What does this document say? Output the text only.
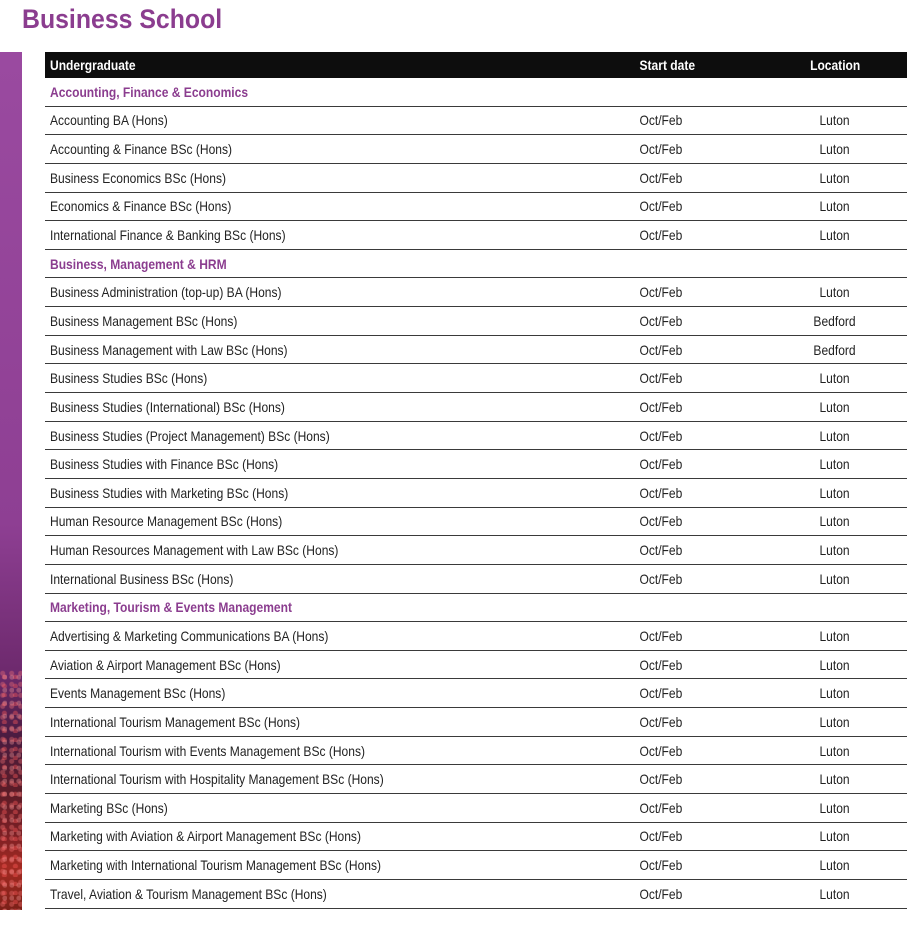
Business School
Undergraduate	Start date	Location
Accounting, Finance & Economics
Accounting BA (Hons)	Oct/Feb	Luton
Accounting & Finance BSc (Hons)	Oct/Feb	Luton
Business Economics BSc (Hons)	Oct/Feb	Luton
Economics & Finance BSc (Hons)	Oct/Feb	Luton
International Finance & Banking BSc (Hons)	Oct/Feb	Luton
Business, Management & HRM
Business Administration (top-up) BA (Hons)	Oct/Feb	Luton
Business Management BSc (Hons)	Oct/Feb	Bedford
Business Management with Law BSc (Hons)	Oct/Feb	Bedford
Business Studies BSc (Hons)	Oct/Feb	Luton
Business Studies (International) BSc (Hons)	Oct/Feb	Luton
Business Studies (Project Management) BSc (Hons)	Oct/Feb	Luton
Business Studies with Finance BSc (Hons)	Oct/Feb	Luton
Business Studies with Marketing BSc (Hons)	Oct/Feb	Luton
Human Resource Management BSc (Hons)	Oct/Feb	Luton
Human Resources Management with Law BSc (Hons)	Oct/Feb	Luton
International Business BSc (Hons)	Oct/Feb	Luton
Marketing, Tourism & Events Management
Advertising & Marketing Communications BA (Hons)	Oct/Feb	Luton
Aviation & Airport Management BSc (Hons)	Oct/Feb	Luton
Events Management BSc (Hons)	Oct/Feb	Luton
International Tourism Management BSc (Hons)	Oct/Feb	Luton
International Tourism with Events Management BSc (Hons)	Oct/Feb	Luton
International Tourism with Hospitality Management BSc (Hons)	Oct/Feb	Luton
Marketing BSc (Hons)	Oct/Feb	Luton
Marketing with Aviation & Airport Management BSc (Hons)	Oct/Feb	Luton
Marketing with International Tourism Management BSc (Hons)	Oct/Feb	Luton
Travel, Aviation & Tourism Management BSc (Hons)	Oct/Feb	Luton
